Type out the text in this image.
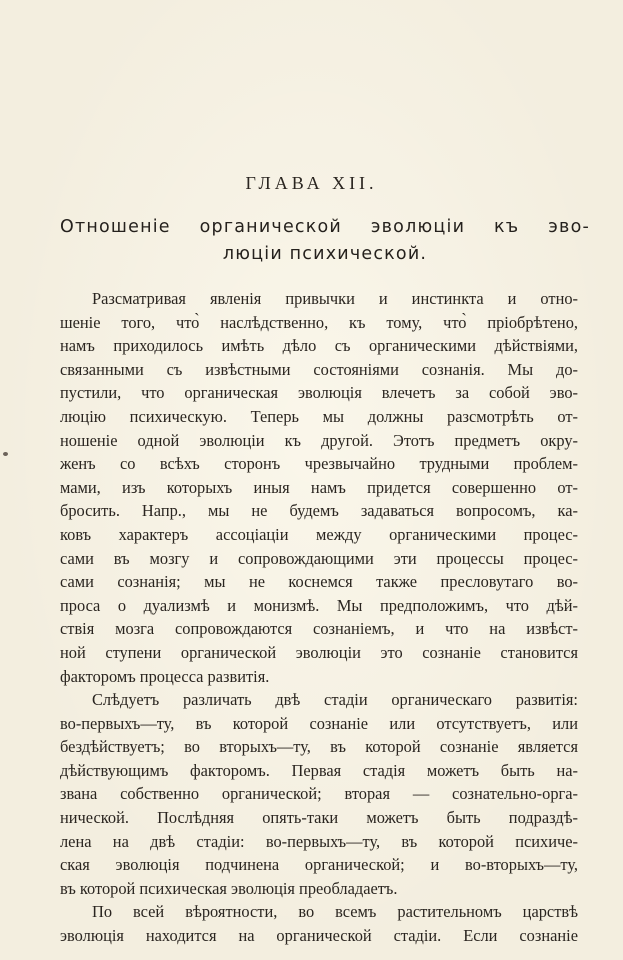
ГЛАВА XII.
Отношеніе органической эволюціи къ эво-
люціи психической.
Разсматривая явленія привычки и инстинкта и отно-
шеніе того, что̀ наслѣдственно, къ тому, что̀ пріобрѣтено,
намъ приходилось имѣть дѣло съ органическими дѣйствіями,
связанными съ извѣстными состояніями сознанія. Мы до-
пустили, что органическая эволюція влечетъ за собой эво-
люцію психическую. Теперь мы должны разсмотрѣть от-
ношеніе одной эволюціи къ другой. Этотъ предметъ окру-
женъ со всѣхъ сторонъ чрезвычайно трудными проблем-
мами, изъ которыхъ иныя намъ придется совершенно от-
бросить. Напр., мы не будемъ задаваться вопросомъ, ка-
ковъ характеръ ассоціаціи между органическими процес-
сами въ мозгу и сопровождающими эти процессы процес-
сами сознанія; мы не коснемся также пресловутаго во-
проса о дуализмѣ и монизмѣ. Мы предположимъ, что дѣй-
ствія мозга сопровождаются сознаніемъ, и что на извѣст-
ной ступени органической эволюціи это сознаніе становится
факторомъ процесса развитія.
Слѣдуетъ различать двѣ стадіи органическаго развитія:
во-первыхъ—ту, въ которой сознаніе или отсутствуетъ, или
бездѣйствуетъ; во вторыхъ—ту, въ которой сознаніе является
дѣйствующимъ факторомъ. Первая стадія можетъ быть на-
звана собственно органической; вторая — сознательно-орга-
нической. Послѣдняя опять-таки можетъ быть подраздѣ-
лена на двѣ стадіи: во-первыхъ—ту, въ которой психиче-
ская эволюція подчинена органической; и во-вторыхъ—ту,
въ которой психическая эволюція преобладаетъ.
По всей вѣроятности, во всемъ растительномъ царствѣ
эволюція находится на органической стадіи. Если сознаніе
